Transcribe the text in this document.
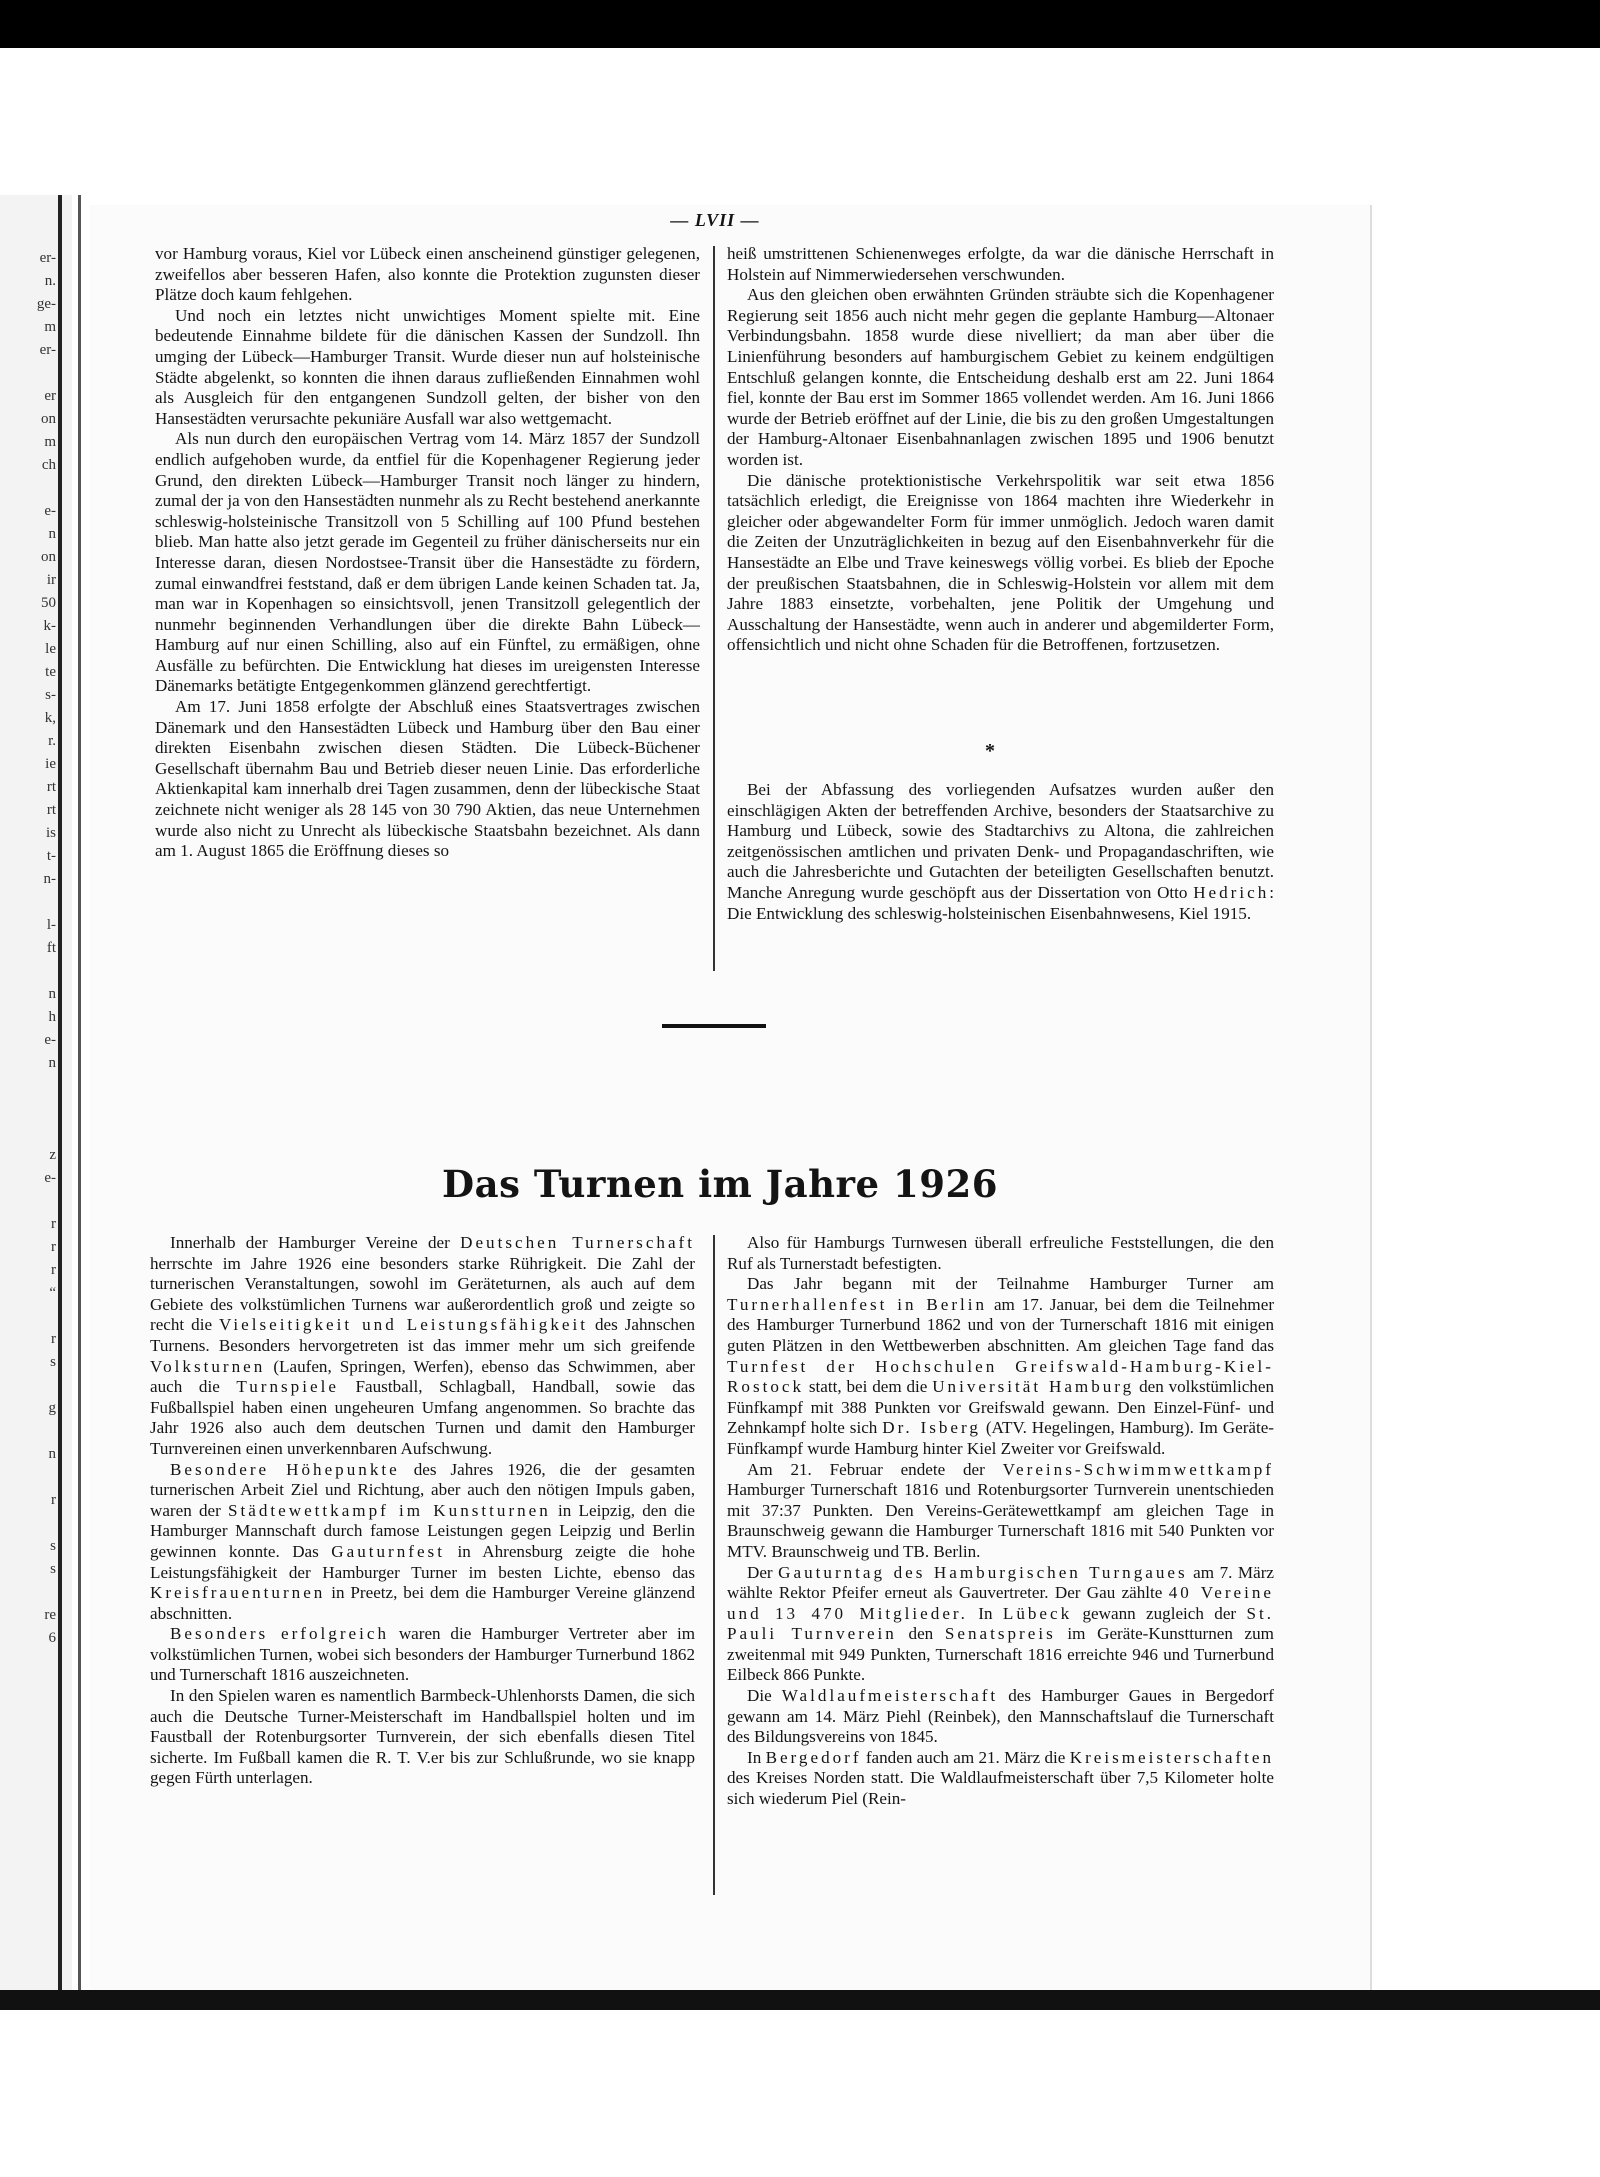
er-
n.
ge-
m
er-
er
on
m
ch
e-
n
on
ir
50
k-
le
te
s-
k,
r.
ie
rt
rt
is
t-
n-
l-
ft
n
h
e-
n
z
e-
r
r
r
“
r
s
g
n
r
s
s
re
6
— LVII —

vor Hamburg voraus, Kiel vor Lübeck einen anscheinend günstiger gelegenen, zweifellos aber besseren Hafen, also konnte die Protektion zugunsten dieser Plätze doch kaum fehlgehen.

Und noch ein letztes nicht unwichtiges Moment spielte mit. Eine bedeutende Einnahme bildete für die dänischen Kassen der Sundzoll. Ihn umging der Lübeck—Hamburger Transit. Wurde dieser nun auf holsteinische Städte abgelenkt, so konnten die ihnen daraus zufließenden Einnahmen wohl als Ausgleich für den entgangenen Sundzoll gelten, der bisher von den Hansestädten verursachte pekuniäre Ausfall war also wettgemacht.

Als nun durch den europäischen Vertrag vom 14. März 1857 der Sundzoll endlich aufgehoben wurde, da entfiel für die Kopenhagener Regierung jeder Grund, den direkten Lübeck—Hamburger Transit noch länger zu hindern, zumal der ja von den Hansestädten nunmehr als zu Recht bestehend anerkannte schleswig-holsteinische Transitzoll von 5 Schilling auf 100 Pfund bestehen blieb. Man hatte also jetzt gerade im Gegenteil zu früher dänischerseits nur ein Interesse daran, diesen Nordostsee-Transit über die Hansestädte zu fördern, zumal einwandfrei feststand, daß er dem übrigen Lande keinen Schaden tat. Ja, man war in Kopenhagen so einsichtsvoll, jenen Transitzoll gelegentlich der nunmehr beginnenden Verhandlungen über die direkte Bahn Lübeck—Hamburg auf nur einen Schilling, also auf ein Fünftel, zu ermäßigen, ohne Ausfälle zu befürchten. Die Entwicklung hat dieses im ureigensten Interesse Dänemarks betätigte Entgegenkommen glänzend gerechtfertigt.

Am 17. Juni 1858 erfolgte der Abschluß eines Staatsvertrages zwischen Dänemark und den Hansestädten Lübeck und Hamburg über den Bau einer direkten Eisenbahn zwischen diesen Städten. Die Lübeck-Büchener Gesellschaft übernahm Bau und Betrieb dieser neuen Linie. Das erforderliche Aktienkapital kam innerhalb drei Tagen zusammen, denn der lübeckische Staat zeichnete nicht weniger als 28 145 von 30 790 Aktien, das neue Unternehmen wurde also nicht zu Unrecht als lübeckische Staatsbahn bezeichnet. Als dann am 1. August 1865 die Eröffnung dieses so

heiß umstrittenen Schienenweges erfolgte, da war die dänische Herrschaft in Holstein auf Nimmerwiedersehen verschwunden.

Aus den gleichen oben erwähnten Gründen sträubte sich die Kopenhagener Regierung seit 1856 auch nicht mehr gegen die geplante Hamburg—Altonaer Verbindungsbahn. 1858 wurde diese nivelliert; da man aber über die Linienführung besonders auf hamburgischem Gebiet zu keinem endgültigen Entschluß gelangen konnte, die Entscheidung deshalb erst am 22. Juni 1864 fiel, konnte der Bau erst im Sommer 1865 vollendet werden. Am 16. Juni 1866 wurde der Betrieb eröffnet auf der Linie, die bis zu den großen Umgestaltungen der Hamburg-Altonaer Eisenbahnanlagen zwischen 1895 und 1906 benutzt worden ist.

Die dänische protektionistische Verkehrspolitik war seit etwa 1856 tatsächlich erledigt, die Ereignisse von 1864 machten ihre Wiederkehr in gleicher oder abgewandelter Form für immer unmöglich. Jedoch waren damit die Zeiten der Unzuträglichkeiten in bezug auf den Eisenbahnverkehr für die Hansestädte an Elbe und Trave keineswegs völlig vorbei. Es blieb der Epoche der preußischen Staatsbahnen, die in Schleswig-Holstein vor allem mit dem Jahre 1883 einsetzte, vorbehalten, jene Politik der Umgehung und Ausschaltung der Hansestädte, wenn auch in anderer und abgemilderter Form, offensichtlich und nicht ohne Schaden für die Betroffenen, fortzusetzen.

*

Bei der Abfassung des vorliegenden Aufsatzes wurden außer den einschlägigen Akten der betreffenden Archive, besonders der Staatsarchive zu Hamburg und Lübeck, sowie des Stadtarchivs zu Altona, die zahlreichen zeitgenössischen amtlichen und privaten Denk- und Propagandaschriften, wie auch die Jahresberichte und Gutachten der beteiligten Gesellschaften benutzt. Manche Anregung wurde geschöpft aus der Dissertation von Otto Hedrich: Die Entwicklung des schleswig-holsteinischen Eisenbahnwesens, Kiel 1915.

Das Turnen im Jahre 1926

Innerhalb der Hamburger Vereine der Deutschen Turnerschaft herrschte im Jahre 1926 eine besonders starke Rührigkeit. Die Zahl der turnerischen Veranstaltungen, sowohl im Geräteturnen, als auch auf dem Gebiete des volkstümlichen Turnens war außerordentlich groß und zeigte so recht die Vielseitigkeit und Leistungsfähigkeit des Jahnschen Turnens. Besonders hervorgetreten ist das immer mehr um sich greifende Volksturnen (Laufen, Springen, Werfen), ebenso das Schwimmen, aber auch die Turnspiele Faustball, Schlagball, Handball, sowie das Fußballspiel haben einen ungeheuren Umfang angenommen. So brachte das Jahr 1926 also auch dem deutschen Turnen und damit den Hamburger Turnvereinen einen unverkennbaren Aufschwung.

Besondere Höhepunkte des Jahres 1926, die der gesamten turnerischen Arbeit Ziel und Richtung, aber auch den nötigen Impuls gaben, waren der Städtewettkampf im Kunstturnen in Leipzig, den die Hamburger Mannschaft durch famose Leistungen gegen Leipzig und Berlin gewinnen konnte. Das Gauturnfest in Ahrensburg zeigte die hohe Leistungsfähigkeit der Hamburger Turner im besten Lichte, ebenso das Kreisfrauenturnen in Preetz, bei dem die Hamburger Vereine glänzend abschnitten.

Besonders erfolgreich waren die Hamburger Vertreter aber im volkstümlichen Turnen, wobei sich besonders der Hamburger Turnerbund 1862 und Turnerschaft 1816 auszeichneten.

In den Spielen waren es namentlich Barmbeck-Uhlenhorsts Damen, die sich auch die Deutsche Turner-Meisterschaft im Handballspiel holten und im Faustball der Rotenburgsorter Turnverein, der sich ebenfalls diesen Titel sicherte. Im Fußball kamen die R. T. V.er bis zur Schlußrunde, wo sie knapp gegen Fürth unterlagen.

Also für Hamburgs Turnwesen überall erfreuliche Feststellungen, die den Ruf als Turnerstadt befestigten.

Das Jahr begann mit der Teilnahme Hamburger Turner am Turnerhallenfest in Berlin am 17. Januar, bei dem die Teilnehmer des Hamburger Turnerbund 1862 und von der Turnerschaft 1816 mit einigen guten Plätzen in den Wettbewerben abschnitten. Am gleichen Tage fand das Turnfest der Hochschulen Greifswald-Hamburg-Kiel-Rostock statt, bei dem die Universität Hamburg den volkstümlichen Fünfkampf mit 388 Punkten vor Greifswald gewann. Den Einzel-Fünf- und Zehnkampf holte sich Dr. Isberg (ATV. Hegelingen, Hamburg). Im Geräte-Fünfkampf wurde Hamburg hinter Kiel Zweiter vor Greifswald.

Am 21. Februar endete der Vereins-Schwimmwettkampf Hamburger Turnerschaft 1816 und Rotenburgsorter Turnverein unentschieden mit 37:37 Punkten. Den Vereins-Gerätewettkampf am gleichen Tage in Braunschweig gewann die Hamburger Turnerschaft 1816 mit 540 Punkten vor MTV. Braunschweig und TB. Berlin.

Der Gauturntag des Hamburgischen Turngaues am 7. März wählte Rektor Pfeifer erneut als Gauvertreter. Der Gau zählte 40 Vereine und 13 470 Mitglieder. In Lübeck gewann zugleich der St. Pauli Turnverein den Senatspreis im Geräte-Kunstturnen zum zweitenmal mit 949 Punkten, Turnerschaft 1816 erreichte 946 und Turnerbund Eilbeck 866 Punkte.

Die Waldlaufmeisterschaft des Hamburger Gaues in Bergedorf gewann am 14. März Piehl (Reinbek), den Mannschaftslauf die Turnerschaft des Bildungsvereins von 1845.

In Bergedorf fanden auch am 21. März die Kreismeisterschaften des Kreises Norden statt. Die Waldlaufmeisterschaft über 7,5 Kilometer holte sich wiederum Piel (Rein-
